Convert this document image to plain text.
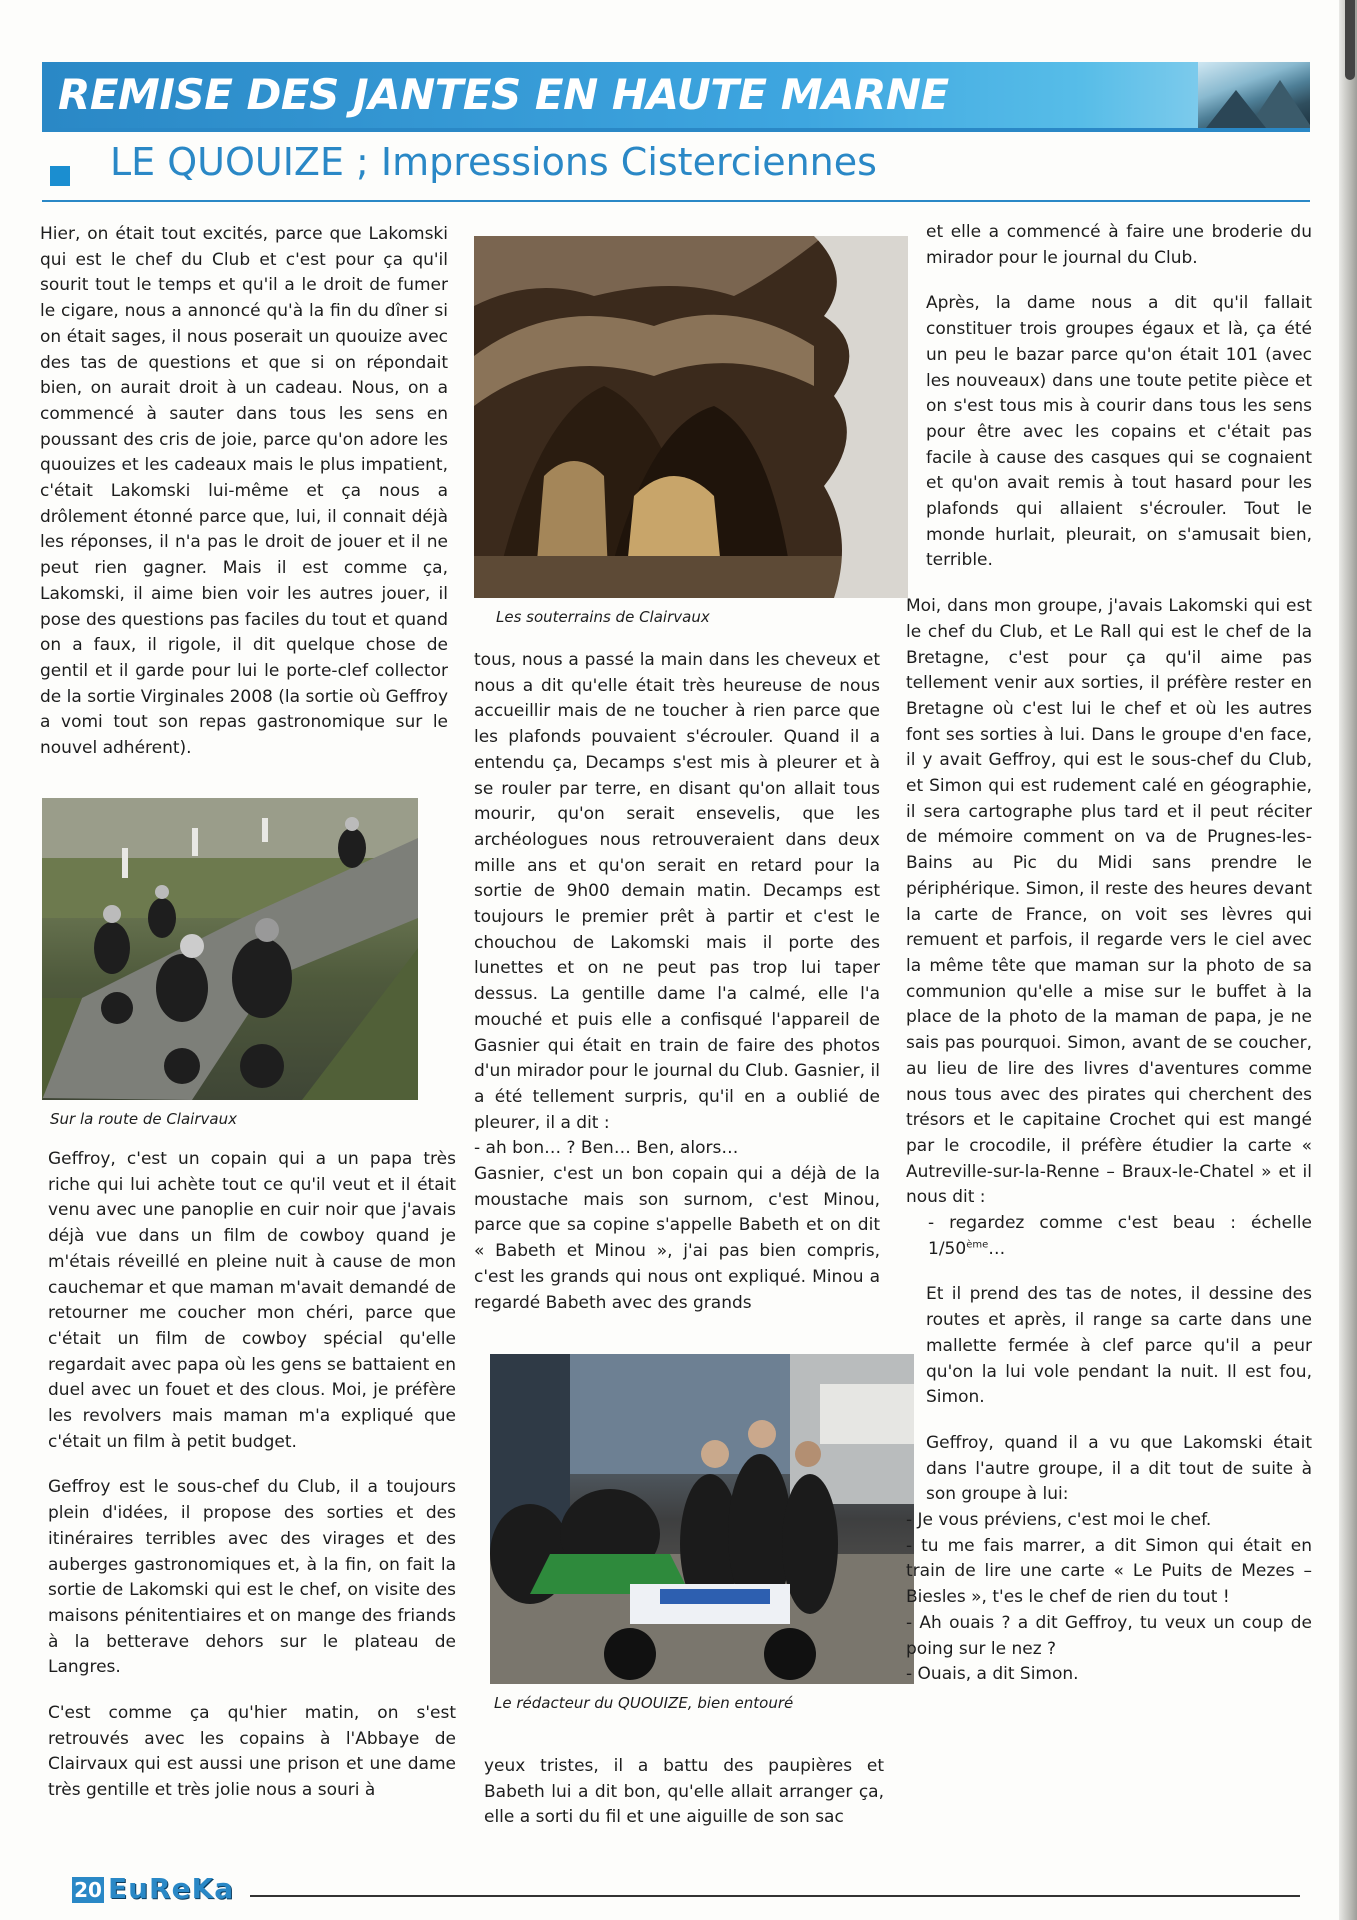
REMISE DES JANTES EN HAUTE MARNE
LE QUOUIZE ; Impressions Cisterciennes

Hier, on était tout excités, parce que Lakomski qui est le chef du Club et c'est pour ça qu'il sourit tout le temps et qu'il a le droit de fumer le cigare, nous a annoncé qu'à la fin du dîner si on était sages, il nous poserait un quouize avec des tas de questions et que si on répondait bien, on aurait droit à un cadeau. Nous, on a commencé à sauter dans tous les sens en poussant des cris de joie, parce qu'on adore les quouizes et les cadeaux mais le plus impatient, c'était Lakomski lui-même et ça nous a drôlement étonné parce que, lui, il connait déjà les réponses, il n'a pas le droit de jouer et il ne peut rien gagner. Mais il est comme ça, Lakomski, il aime bien voir les autres jouer, il pose des questions pas faciles du tout et quand on a faux, il rigole, il dit quelque chose de gentil et il garde pour lui le porte-clef collector de la sortie Virginales 2008 (la sortie où Geffroy a vomi tout son repas gastronomique sur le nouvel adhérent).

Sur la route de Clairvaux

Geffroy, c'est un copain qui a un papa très riche qui lui achète tout ce qu'il veut et il était venu avec une panoplie en cuir noir que j'avais déjà vue dans un film de cowboy quand je m'étais réveillé en pleine nuit à cause de mon cauchemar et que maman m'avait demandé de retourner me coucher mon chéri, parce que c'était un film de cowboy spécial qu'elle regardait avec papa où les gens se battaient en duel avec un fouet et des clous. Moi, je préfère les revolvers mais maman m'a expliqué que c'était un film à petit budget.

Geffroy est le sous-chef du Club, il a toujours plein d'idées, il propose des sorties et des itinéraires terribles avec des virages et des auberges gastronomiques et, à la fin, on fait la sortie de Lakomski qui est le chef, on visite des maisons pénitentiaires et on mange des friands à la betterave dehors sur le plateau de Langres.

C'est comme ça qu'hier matin, on s'est retrouvés avec les copains à l'Abbaye de Clairvaux qui est aussi une prison et une dame très gentille et très jolie nous a souri à

Les souterrains de Clairvaux

tous, nous a passé la main dans les cheveux et nous a dit qu'elle était très heureuse de nous accueillir mais de ne toucher à rien parce que les plafonds pouvaient s'écrouler. Quand il a entendu ça, Decamps s'est mis à pleurer et à se rouler par terre, en disant qu'on allait tous mourir, qu'on serait ensevelis, que les archéologues nous retrouveraient dans deux mille ans et qu'on serait en retard pour la sortie de 9h00 demain matin. Decamps est toujours le premier prêt à partir et c'est le chouchou de Lakomski mais il porte des lunettes et on ne peut pas trop lui taper dessus. La gentille dame l'a calmé, elle l'a mouché et puis elle a confisqué l'appareil de Gasnier qui était en train de faire des photos d'un mirador pour le journal du Club. Gasnier, il a été tellement surpris, qu'il en a oublié de pleurer, il a dit :

- ah bon… ? Ben… Ben, alors…

Gasnier, c'est un bon copain qui a déjà de la moustache mais son surnom, c'est Minou, parce que sa copine s'appelle Babeth et on dit « Babeth et Minou », j'ai pas bien compris, c'est les grands qui nous ont expliqué. Minou a regardé Babeth avec des grands

Le rédacteur du QUOUIZE, bien entouré

yeux tristes, il a battu des paupières et Babeth lui a dit bon, qu'elle allait arranger ça, elle a sorti du fil et une aiguille de son sac

et elle a commencé à faire une broderie du mirador pour le journal du Club.

Après, la dame nous a dit qu'il fallait constituer trois groupes égaux et là, ça été un peu le bazar parce qu'on était 101 (avec les nouveaux) dans une toute petite pièce et on s'est tous mis à courir dans tous les sens pour être avec les copains et c'était pas facile à cause des casques qui se cognaient et qu'on avait remis à tout hasard pour les plafonds qui allaient s'écrouler. Tout le monde hurlait, pleurait, on s'amusait bien, terrible.

Moi, dans mon groupe, j'avais Lakomski qui est le chef du Club, et Le Rall qui est le chef de la Bretagne, c'est pour ça qu'il aime pas tellement venir aux sorties, il préfère rester en Bretagne où c'est lui le chef et où les autres font ses sorties à lui. Dans le groupe d'en face, il y avait Geffroy, qui est le sous-chef du Club, et Simon qui est rudement calé en géographie, il sera cartographe plus tard et il peut réciter de mémoire comment on va de Prugnes-les-Bains au Pic du Midi sans prendre le périphérique. Simon, il reste des heures devant la carte de France, on voit ses lèvres qui remuent et parfois, il regarde vers le ciel avec la même tête que maman sur la photo de sa communion qu'elle a mise sur le buffet à la place de la photo de la maman de papa, je ne sais pas pourquoi. Simon, avant de se coucher, au lieu de lire des livres d'aventures comme nous tous avec des pirates qui cherchent des trésors et le capitaine Crochet qui est mangé par le crocodile, il préfère étudier la carte « Autreville-sur-la-Renne – Braux-le-Chatel » et il nous dit :

- regardez comme c'est beau : échelle 1/50ème…

Et il prend des tas de notes, il dessine des routes et après, il range sa carte dans une mallette fermée à clef parce qu'il a peur qu'on la lui vole pendant la nuit. Il est fou, Simon.

Geffroy, quand il a vu que Lakomski était dans l'autre groupe, il a dit tout de suite à son groupe à lui:

- Je vous préviens, c'est moi le chef.

- tu me fais marrer, a dit Simon qui était en train de lire une carte « Le Puits de Mezes – Biesles », t'es le chef de rien du tout !

- Ah ouais ? a dit Geffroy, tu veux un coup de poing sur le nez ?

- Ouais, a dit Simon.

20 EuReKa
